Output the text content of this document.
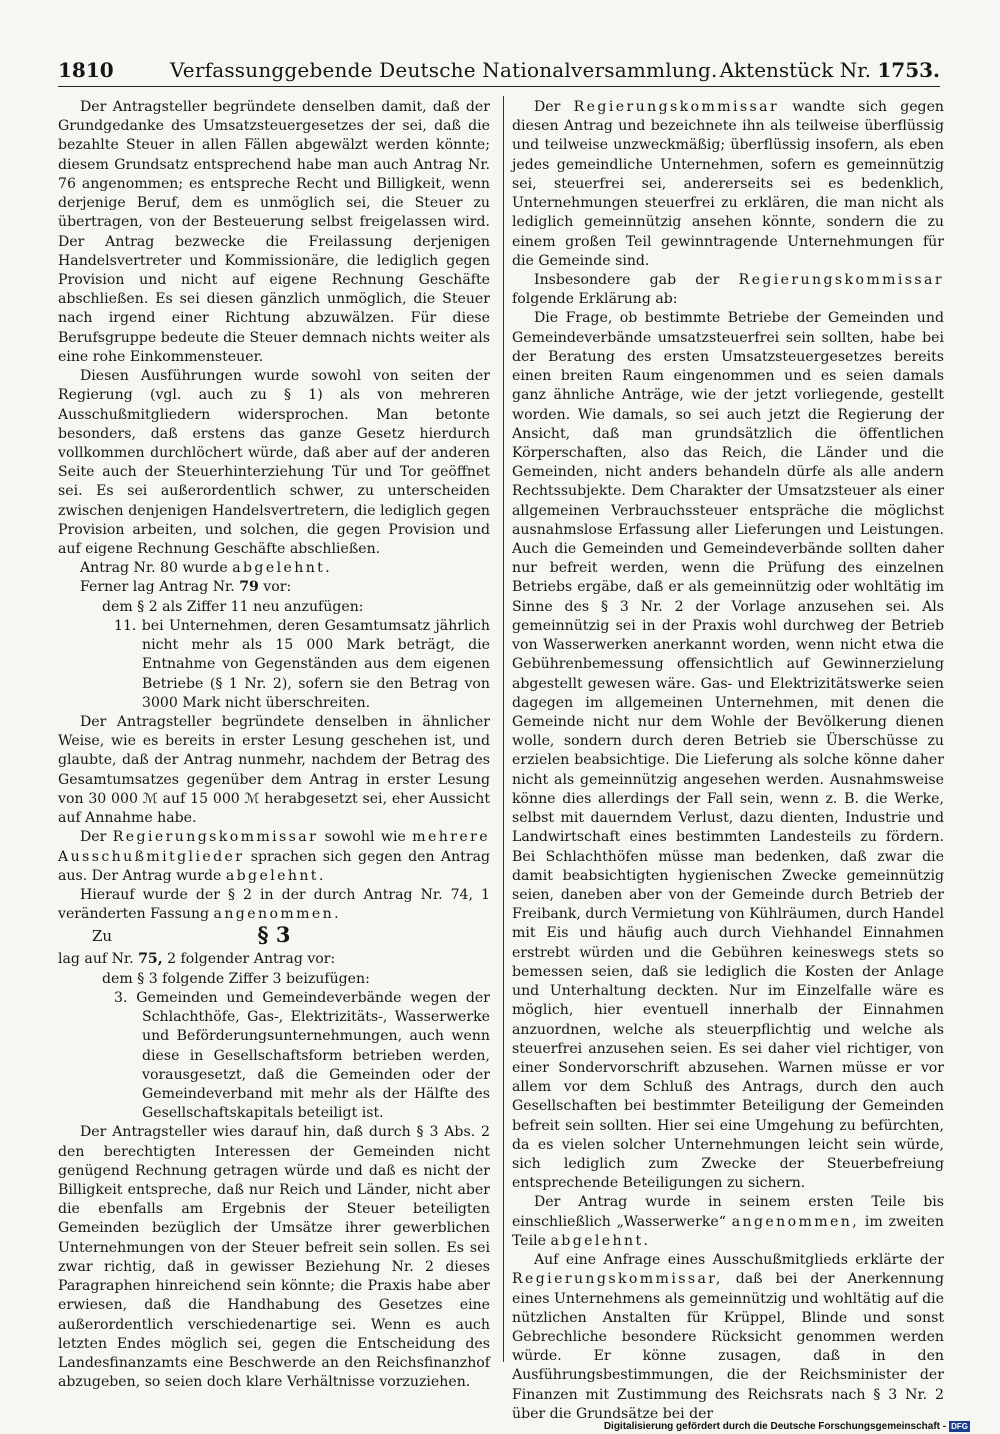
1810	Verfassunggebende Deutsche Nationalversammlung. Aktenstück Nr. 1753.

Der Antragsteller begründete denselben damit, daß der Grundgedanke des Umsatzsteuergesetzes der sei, daß die bezahlte Steuer in allen Fällen abgewälzt werden könnte; diesem Grundsatz entsprechend habe man auch Antrag Nr. 76 angenommen; es entspreche Recht und Billigkeit, wenn derjenige Beruf, dem es unmöglich sei, die Steuer zu übertragen, von der Besteuerung selbst freigelassen wird. Der Antrag bezwecke die Freilassung derjenigen Handelsvertreter und Kommissionäre, die lediglich gegen Provision und nicht auf eigene Rechnung Geschäfte abschließen. Es sei diesen gänzlich unmöglich, die Steuer nach irgend einer Richtung abzuwälzen. Für diese Berufsgruppe bedeute die Steuer demnach nichts weiter als eine rohe Einkommensteuer.

Diesen Ausführungen wurde sowohl von seiten der Regierung (vgl. auch zu § 1) als von mehreren Ausschußmitgliedern widersprochen. Man betonte besonders, daß erstens das ganze Gesetz hierdurch vollkommen durchlöchert würde, daß aber auf der anderen Seite auch der Steuerhinterziehung Tür und Tor geöffnet sei. Es sei außerordentlich schwer, zu unterscheiden zwischen denjenigen Handelsvertretern, die lediglich gegen Provision arbeiten, und solchen, die gegen Provision und auf eigene Rechnung Geschäfte abschließen.

Antrag Nr. 80 wurde abgelehnt.

Ferner lag Antrag Nr. 79 vor:

dem § 2 als Ziffer 11 neu anzufügen:

11. bei Unternehmen, deren Gesamtumsatz jährlich nicht mehr als 15 000 Mark beträgt, die Entnahme von Gegenständen aus dem eigenen Betriebe (§ 1 Nr. 2), sofern sie den Betrag von 3000 Mark nicht überschreiten.

Der Antragsteller begründete denselben in ähnlicher Weise, wie es bereits in erster Lesung geschehen ist, und glaubte, daß der Antrag nunmehr, nachdem der Betrag des Gesamtumsatzes gegenüber dem Antrag in erster Lesung von 30 000 ℳ auf 15 000 ℳ herabgesetzt sei, eher Aussicht auf Annahme habe.

Der Regierungskommissar sowohl wie mehrere Ausschußmitglieder sprachen sich gegen den Antrag aus. Der Antrag wurde abgelehnt.

Hierauf wurde der § 2 in der durch Antrag Nr. 74, 1 veränderten Fassung angenommen.

Zu	§ 3

lag auf Nr. 75, 2 folgender Antrag vor:

dem § 3 folgende Ziffer 3 beizufügen:

3. Gemeinden und Gemeindeverbände wegen der Schlachthöfe, Gas-, Elektrizitäts-, Wasserwerke und Beförderungsunternehmungen, auch wenn diese in Gesellschaftsform betrieben werden, vorausgesetzt, daß die Gemeinden oder der Gemeindeverband mit mehr als der Hälfte des Gesellschaftskapitals beteiligt ist.

Der Antragsteller wies darauf hin, daß durch § 3 Abs. 2 den berechtigten Interessen der Gemeinden nicht genügend Rechnung getragen würde und daß es nicht der Billigkeit entspreche, daß nur Reich und Länder, nicht aber die ebenfalls am Ergebnis der Steuer beteiligten Gemeinden bezüglich der Umsätze ihrer gewerblichen Unternehmungen von der Steuer befreit sein sollen. Es sei zwar richtig, daß in gewisser Beziehung Nr. 2 dieses Paragraphen hinreichend sein könnte; die Praxis habe aber erwiesen, daß die Handhabung des Gesetzes eine außerordentlich verschiedenartige sei. Wenn es auch letzten Endes möglich sei, gegen die Entscheidung des Landesfinanzamts eine Beschwerde an den Reichsfinanzhof abzugeben, so seien doch klare Verhältnisse vorzuziehen.

Der Regierungskommissar wandte sich gegen diesen Antrag und bezeichnete ihn als teilweise überflüssig und teilweise unzweckmäßig; überflüssig insofern, als eben jedes gemeindliche Unternehmen, sofern es gemeinnützig sei, steuerfrei sei, andererseits sei es bedenklich, Unternehmungen steuerfrei zu erklären, die man nicht als lediglich gemeinnützig ansehen könnte, sondern die zu einem großen Teil gewinntragende Unternehmungen für die Gemeinde sind.

Insbesondere gab der Regierungskommissar folgende Erklärung ab:

Die Frage, ob bestimmte Betriebe der Gemeinden und Gemeindeverbände umsatzsteuerfrei sein sollten, habe bei der Beratung des ersten Umsatzsteuergesetzes bereits einen breiten Raum eingenommen und es seien damals ganz ähnliche Anträge, wie der jetzt vorliegende, gestellt worden. Wie damals, so sei auch jetzt die Regierung der Ansicht, daß man grundsätzlich die öffentlichen Körperschaften, also das Reich, die Länder und die Gemeinden, nicht anders behandeln dürfe als alle andern Rechtssubjekte. Dem Charakter der Umsatzsteuer als einer allgemeinen Verbrauchssteuer entspräche die möglichst ausnahmslose Erfassung aller Lieferungen und Leistungen. Auch die Gemeinden und Gemeindeverbände sollten daher nur befreit werden, wenn die Prüfung des einzelnen Betriebs ergäbe, daß er als gemeinnützig oder wohltätig im Sinne des § 3 Nr. 2 der Vorlage anzusehen sei. Als gemeinnützig sei in der Praxis wohl durchweg der Betrieb von Wasserwerken anerkannt worden, wenn nicht etwa die Gebührenbemessung offensichtlich auf Gewinnerzielung abgestellt gewesen wäre. Gas- und Elektrizitätswerke seien dagegen im allgemeinen Unternehmen, mit denen die Gemeinde nicht nur dem Wohle der Bevölkerung dienen wolle, sondern durch deren Betrieb sie Überschüsse zu erzielen beabsichtige. Die Lieferung als solche könne daher nicht als gemeinnützig angesehen werden. Ausnahmsweise könne dies allerdings der Fall sein, wenn z. B. die Werke, selbst mit dauerndem Verlust, dazu dienten, Industrie und Landwirtschaft eines bestimmten Landesteils zu fördern. Bei Schlachthöfen müsse man bedenken, daß zwar die damit beabsichtigten hygienischen Zwecke gemeinnützig seien, daneben aber von der Gemeinde durch Betrieb der Freibank, durch Vermietung von Kühlräumen, durch Handel mit Eis und häufig auch durch Viehhandel Einnahmen erstrebt würden und die Gebühren keineswegs stets so bemessen seien, daß sie lediglich die Kosten der Anlage und Unterhaltung deckten. Nur im Einzelfalle wäre es möglich, hier eventuell innerhalb der Einnahmen anzuordnen, welche als steuerpflichtig und welche als steuerfrei anzusehen seien. Es sei daher viel richtiger, von einer Sondervorschrift abzusehen. Warnen müsse er vor allem vor dem Schluß des Antrags, durch den auch Gesellschaften bei bestimmter Beteiligung der Gemeinden befreit sein sollten. Hier sei eine Umgehung zu befürchten, da es vielen solcher Unternehmungen leicht sein würde, sich lediglich zum Zwecke der Steuerbefreiung entsprechende Beteiligungen zu sichern.

Der Antrag wurde in seinem ersten Teile bis einschließlich „Wasserwerke“ angenommen, im zweiten Teile abgelehnt.

Auf eine Anfrage eines Ausschußmitglieds erklärte der Regierungskommissar, daß bei der Anerkennung eines Unternehmens als gemeinnützig und wohltätig auf die nützlichen Anstalten für Krüppel, Blinde und sonst Gebrechliche besondere Rücksicht genommen werden würde. Er könne zusagen, daß in den Ausführungsbestimmungen, die der Reichsminister der Finanzen mit Zustimmung des Reichsrats nach § 3 Nr. 2 über die Grundsätze bei der

Digitalisierung gefördert durch die Deutsche Forschungsgemeinschaft - DFG
